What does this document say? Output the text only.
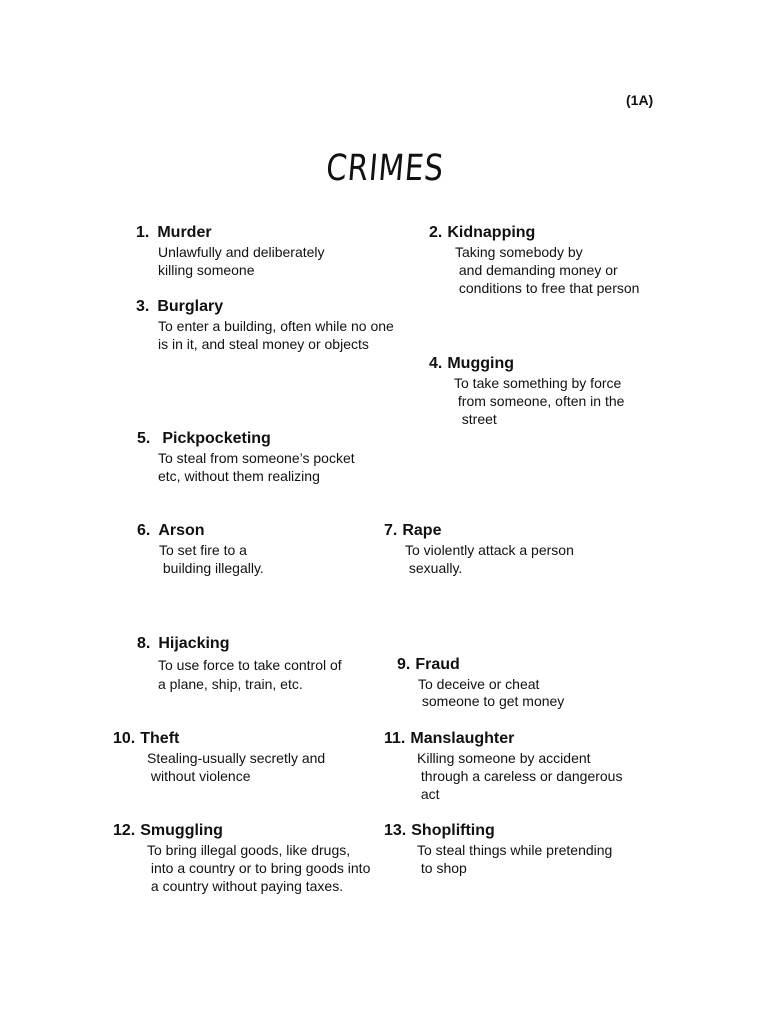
(1A)
CRIMES
1. Murder
Unlawfully and deliberately
killing someone
2. Kidnapping
Taking somebody by
and demanding money or
conditions to free that person
3. Burglary
To enter a building, often while no one
is in it, and steal money or objects
4. Mugging
To take something by force
from someone, often in the
street
5. Pickpocketing
To steal from someone’s pocket
etc, without them realizing
6. Arson
To set fire to a
building illegally.
7. Rape
To violently attack a person
sexually.
8. Hijacking
To use force to take control of
a plane, ship, train, etc.
9. Fraud
To deceive or cheat
someone to get money
10. Theft
Stealing-usually secretly and
without violence
11. Manslaughter
Killing someone by accident
through a careless or dangerous
act
12. Smuggling
To bring illegal goods, like drugs,
into a country or to bring goods into
a country without paying taxes.
13. Shoplifting
To steal things while pretending
to shop
